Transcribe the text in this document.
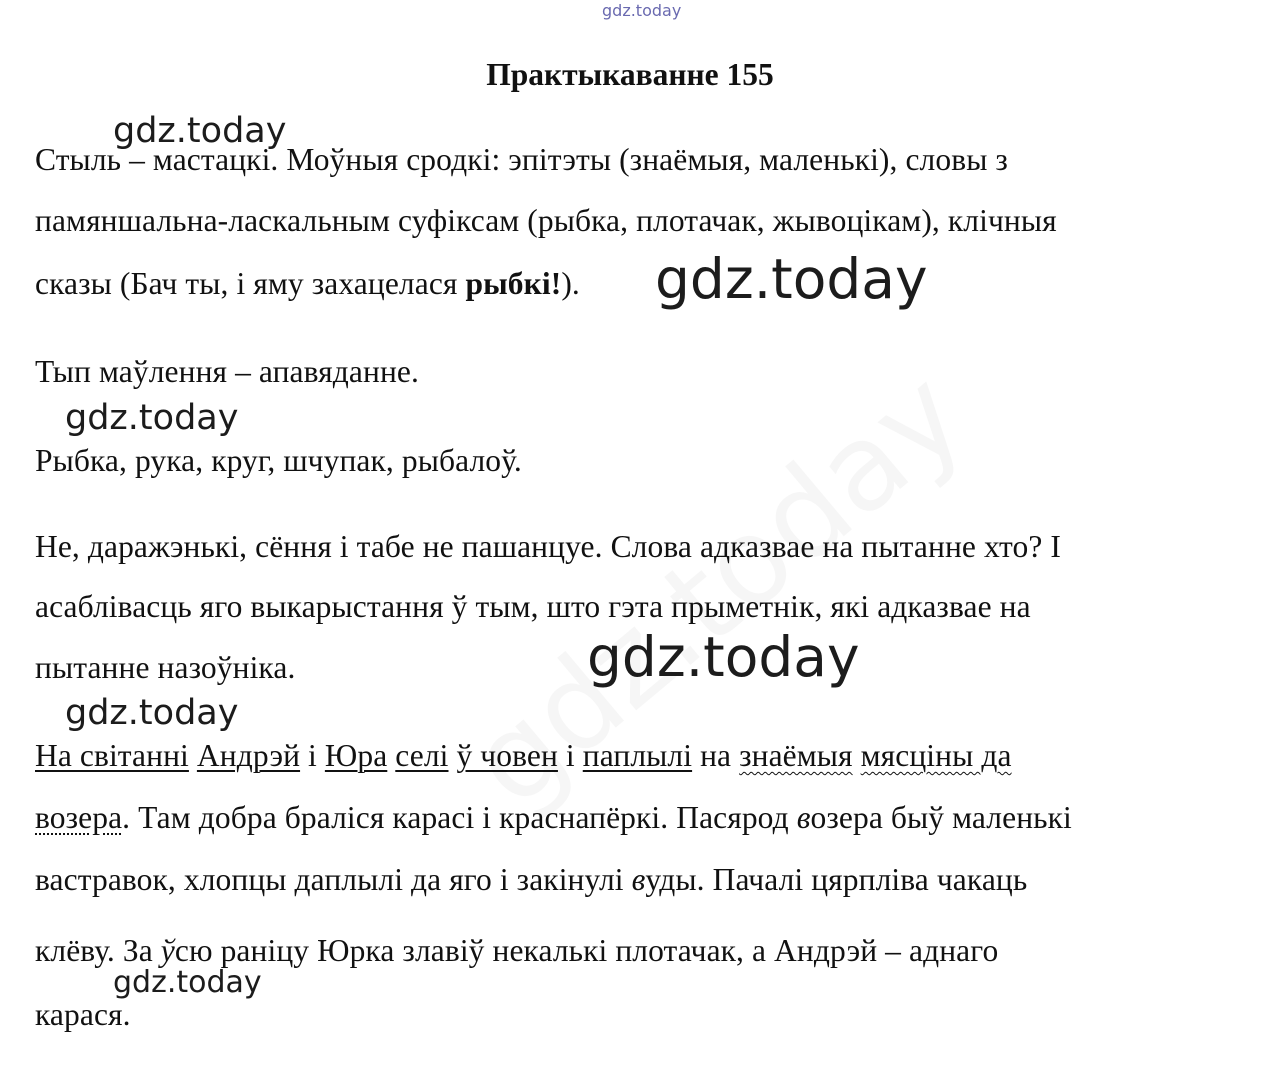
gdz.today
Практыкаванне 155

Стыль – мастацкі. Моўныя сродкі: эпітэты (знаёмыя, маленькі), словы з

памяншальна-ласкальным суфіксам (рыбка, плотачак, жывоцікам), клічныя

сказы (Бач ты, і яму захацелася рыбкі!).

Тып маўлення – апавяданне.

Рыбка, рука, круг, шчупак, рыбалоў.

Не, даражэнькі, сёння і табе не пашанцуе. Слова адказвае на пытанне хто? І

асаблівасць яго выкарыстання ў тым, што гэта прыметнік, які адказвае на

пытанне назоўніка.

На світанні Андрэй і Юра селі ў човен і паплылі на знаёмыя мясціны да

возера. Там добра браліся карасі і краснапёркі. Пасярод возера быў маленькі

вастравок, хлопцы даплылі да яго і закінулі вуды. Пачалі цярпліва чакаць

клёву. За ўсю раніцу Юрка злавіў некалькі плотачак, а Андрэй – аднаго

карася.

gdz.today
gdz.today
gdz.today
gdz.today
gdz.today
gdz.today
